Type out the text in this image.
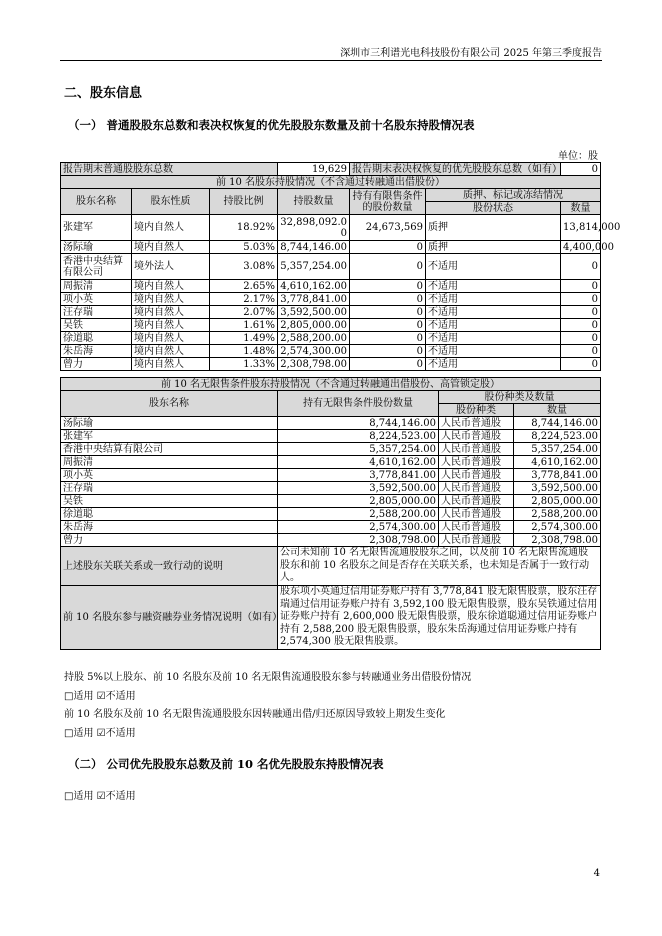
深圳市三利谱光电科技股份有限公司 2025 年第三季度报告
二、股东信息
（一） 普通股股东总数和表决权恢复的优先股股东数量及前十名股东持股情况表
单位：股
报告期末普通股股东总数			19,629	报告期末表决权恢复的优先股股东总数（如有）		0
前 10 名股东持股情况（不含通过转融通出借股份）						
股东名称	股东性质	持股比例	持股数量	持有有限售条件的股份数量	质押、标记或冻结情况	
					股份状态	数量
张建军	境内自然人	18.92%	32,898,092.00	24,673,569	质押	13,814,000
汤际瑜	境内自然人	5.03%	8,744,146.00	0	质押	4,400,000
香港中央结算有限公司	境外法人	3.08%	5,357,254.00	0	不适用	0
周振清	境内自然人	2.65%	4,610,162.00	0	不适用	0
项小英	境内自然人	2.17%	3,778,841.00	0	不适用	0
汪存瑞	境内自然人	2.07%	3,592,500.00	0	不适用	0
吴铁	境内自然人	1.61%	2,805,000.00	0	不适用	0
徐道聪	境内自然人	1.49%	2,588,200.00	0	不适用	0
朱岳海	境内自然人	1.48%	2,574,300.00	0	不适用	0
曾力	境内自然人	1.33%	2,308,798.00	0	不适用	0
前 10 名无限售条件股东持股情况（不含通过转融通出借股份、高管锁定股）			
股东名称	持有无限售条件股份数量	股份种类及数量	
		股份种类	数量
汤际瑜	8,744,146.00	人民币普通股	8,744,146.00
张建军	8,224,523.00	人民币普通股	8,224,523.00
香港中央结算有限公司	5,357,254.00	人民币普通股	5,357,254.00
周振清	4,610,162.00	人民币普通股	4,610,162.00
项小英	3,778,841.00	人民币普通股	3,778,841.00
汪存瑞	3,592,500.00	人民币普通股	3,592,500.00
吴铁	2,805,000.00	人民币普通股	2,805,000.00
徐道聪	2,588,200.00	人民币普通股	2,588,200.00
朱岳海	2,574,300.00	人民币普通股	2,574,300.00
曾力	2,308,798.00	人民币普通股	2,308,798.00
上述股东关联关系或一致行动的说明	公司未知前 10 名无限售流通股股东之间，以及前 10 名无限售流通股股东和前 10 名股东之间是否存在关联关系，也未知是否属于一致行动人。		
前 10 名股东参与融资融券业务情况说明（如有）	股东项小英通过信用证券账户持有 3,778,841 股无限售股票，股东汪存瑞通过信用证券账户持有 3,592,100 股无限售股票，股东吴铁通过信用证券账户持有 2,600,000 股无限售股票，股东徐道聪通过信用证券账户持有 2,588,200 股无限售股票，股东朱岳海通过信用证券账户持有 2,574,300 股无限售股票。		
持股 5%以上股东、前 10 名股东及前 10 名无限售流通股股东参与转融通业务出借股份情况
□适用 ☑不适用
前 10 名股东及前 10 名无限售流通股股东因转融通出借/归还原因导致较上期发生变化
□适用 ☑不适用
（二） 公司优先股股东总数及前 10 名优先股股东持股情况表
□适用 ☑不适用
4
